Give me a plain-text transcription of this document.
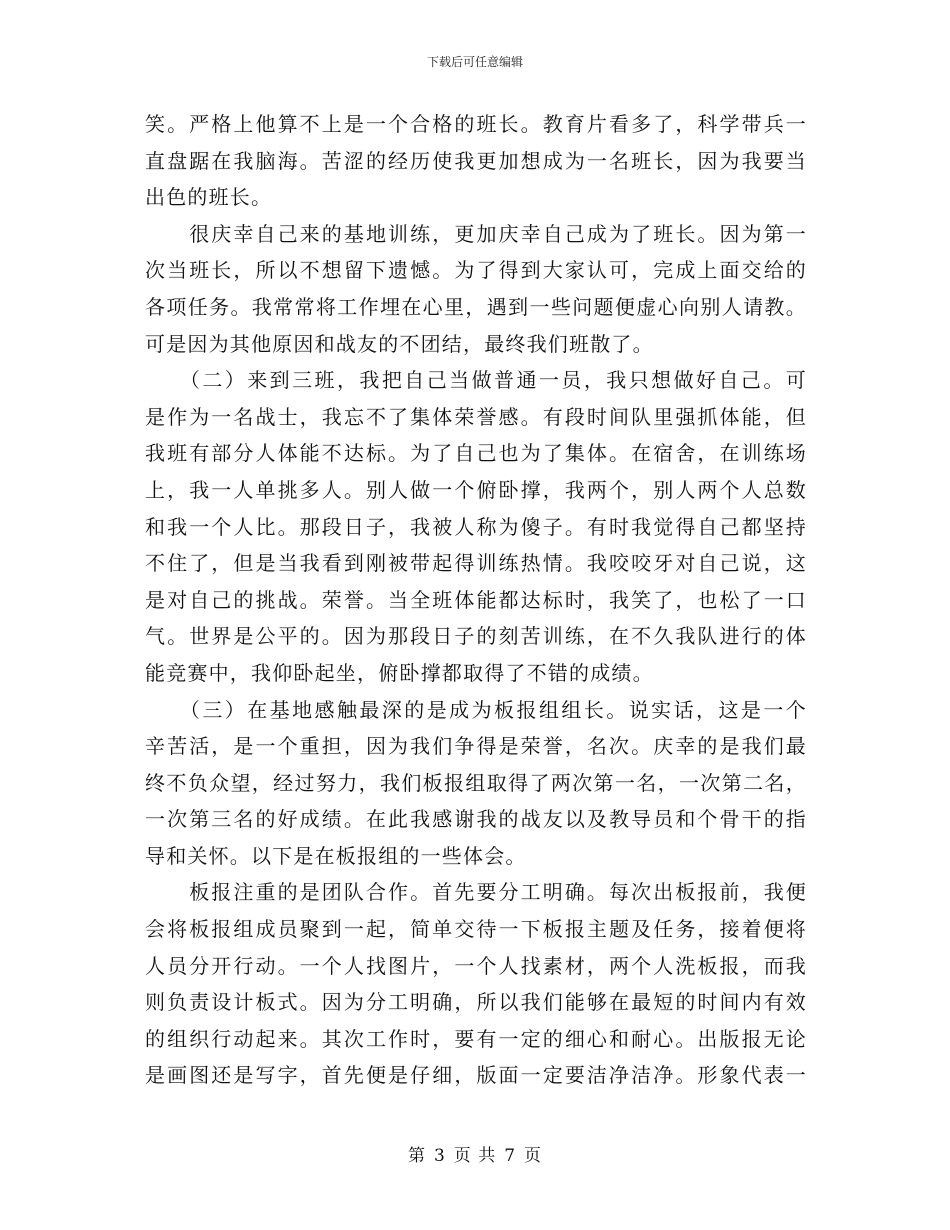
下载后可任意编辑
笑。严格上他算不上是一个合格的班长。教育片看多了，科学带兵一
直盘踞在我脑海。苦涩的经历使我更加想成为一名班长，因为我要当
出色的班长。
　　很庆幸自己来的基地训练，更加庆幸自己成为了班长。因为第一
次当班长，所以不想留下遗憾。为了得到大家认可，完成上面交给的
各项任务。我常常将工作埋在心里，遇到一些问题便虚心向别人请教。
可是因为其他原因和战友的不团结，最终我们班散了。
　　（二）来到三班，我把自己当做普通一员，我只想做好自己。可
是作为一名战士，我忘不了集体荣誉感。有段时间队里强抓体能，但
我班有部分人体能不达标。为了自己也为了集体。在宿舍，在训练场
上，我一人单挑多人。别人做一个俯卧撑，我两个，别人两个人总数
和我一个人比。那段日子，我被人称为傻子。有时我觉得自己都坚持
不住了，但是当我看到刚被带起得训练热情。我咬咬牙对自己说，这
是对自己的挑战。荣誉。当全班体能都达标时，我笑了，也松了一口
气。世界是公平的。因为那段日子的刻苦训练，在不久我队进行的体
能竞赛中，我仰卧起坐，俯卧撑都取得了不错的成绩。
　　（三）在基地感触最深的是成为板报组组长。说实话，这是一个
辛苦活，是一个重担，因为我们争得是荣誉，名次。庆幸的是我们最
终不负众望，经过努力，我们板报组取得了两次第一名，一次第二名，
一次第三名的好成绩。在此我感谢我的战友以及教导员和个骨干的指
导和关怀。以下是在板报组的一些体会。
　　板报注重的是团队合作。首先要分工明确。每次出板报前，我便
会将板报组成员聚到一起，简单交待一下板报主题及任务，接着便将
人员分开行动。一个人找图片，一个人找素材，两个人洗板报，而我
则负责设计板式。因为分工明确，所以我们能够在最短的时间内有效
的组织行动起来。其次工作时，要有一定的细心和耐心。出版报无论
是画图还是写字，首先便是仔细，版面一定要洁净洁净。形象代表一
第 3 页 共 7 页
